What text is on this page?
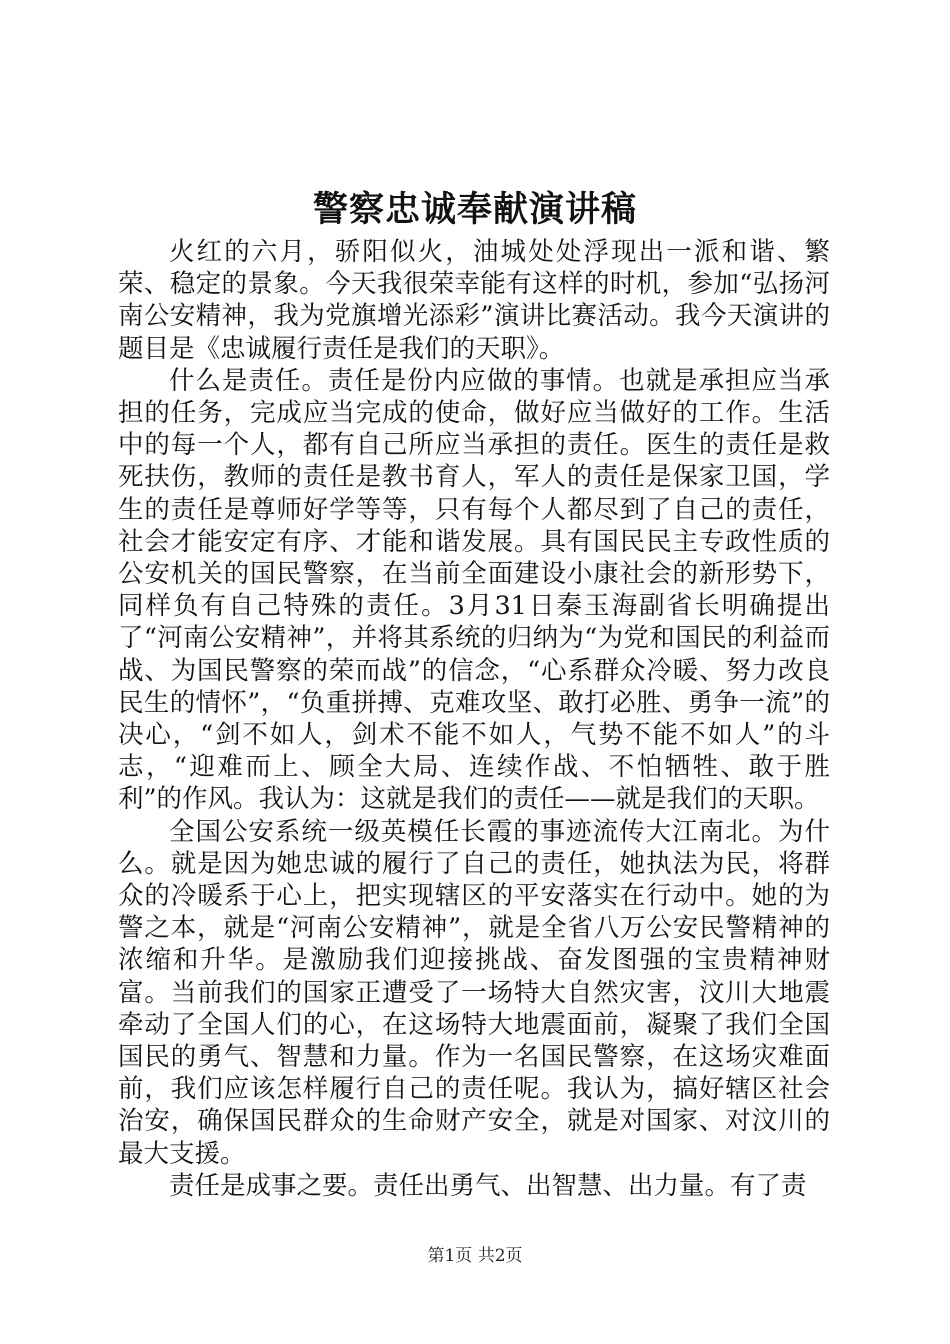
警察忠诚奉献演讲稿

火红的六月，骄阳似火，油城处处浮现出一派和谐、繁荣、稳定的景象。今天我很荣幸能有这样的时机，参加“弘扬河南公安精神，我为党旗增光添彩”演讲比赛活动。我今天演讲的题目是《忠诚履行责任是我们的天职》。

什么是责任。责任是份内应做的事情。也就是承担应当承担的任务，完成应当完成的使命，做好应当做好的工作。生活中的每一个人，都有自己所应当承担的责任。医生的责任是救死扶伤，教师的责任是教书育人，军人的责任是保家卫国，学生的责任是尊师好学等等，只有每个人都尽到了自己的责任，社会才能安定有序、才能和谐发展。具有国民民主专政性质的公安机关的国民警察，在当前全面建设小康社会的新形势下，同样负有自己特殊的责任。3月31日秦玉海副省长明确提出了“河南公安精神”，并将其系统的归纳为“为党和国民的利益而战、为国民警察的荣而战”的信念，“心系群众冷暖、努力改良民生的情怀”，“负重拼搏、克难攻坚、敢打必胜、勇争一流”的决心，“剑不如人，剑术不能不如人，气势不能不如人”的斗志，“迎难而上、顾全大局、连续作战、不怕牺牲、敢于胜利”的作风。我认为：这就是我们的责任——就是我们的天职。

全国公安系统一级英模任长霞的事迹流传大江南北。为什么。就是因为她忠诚的履行了自己的责任，她执法为民，将群众的冷暖系于心上，把实现辖区的平安落实在行动中。她的为警之本，就是“河南公安精神”，就是全省八万公安民警精神的浓缩和升华。是激励我们迎接挑战、奋发图强的宝贵精神财富。当前我们的国家正遭受了一场特大自然灾害，汶川大地震牵动了全国人们的心，在这场特大地震面前，凝聚了我们全国国民的勇气、智慧和力量。作为一名国民警察，在这场灾难面前，我们应该怎样履行自己的责任呢。我认为，搞好辖区社会治安，确保国民群众的生命财产安全，就是对国家、对汶川的最大支援。

责任是成事之要。责任出勇气、出智慧、出力量。有了责

第1页 共2页
